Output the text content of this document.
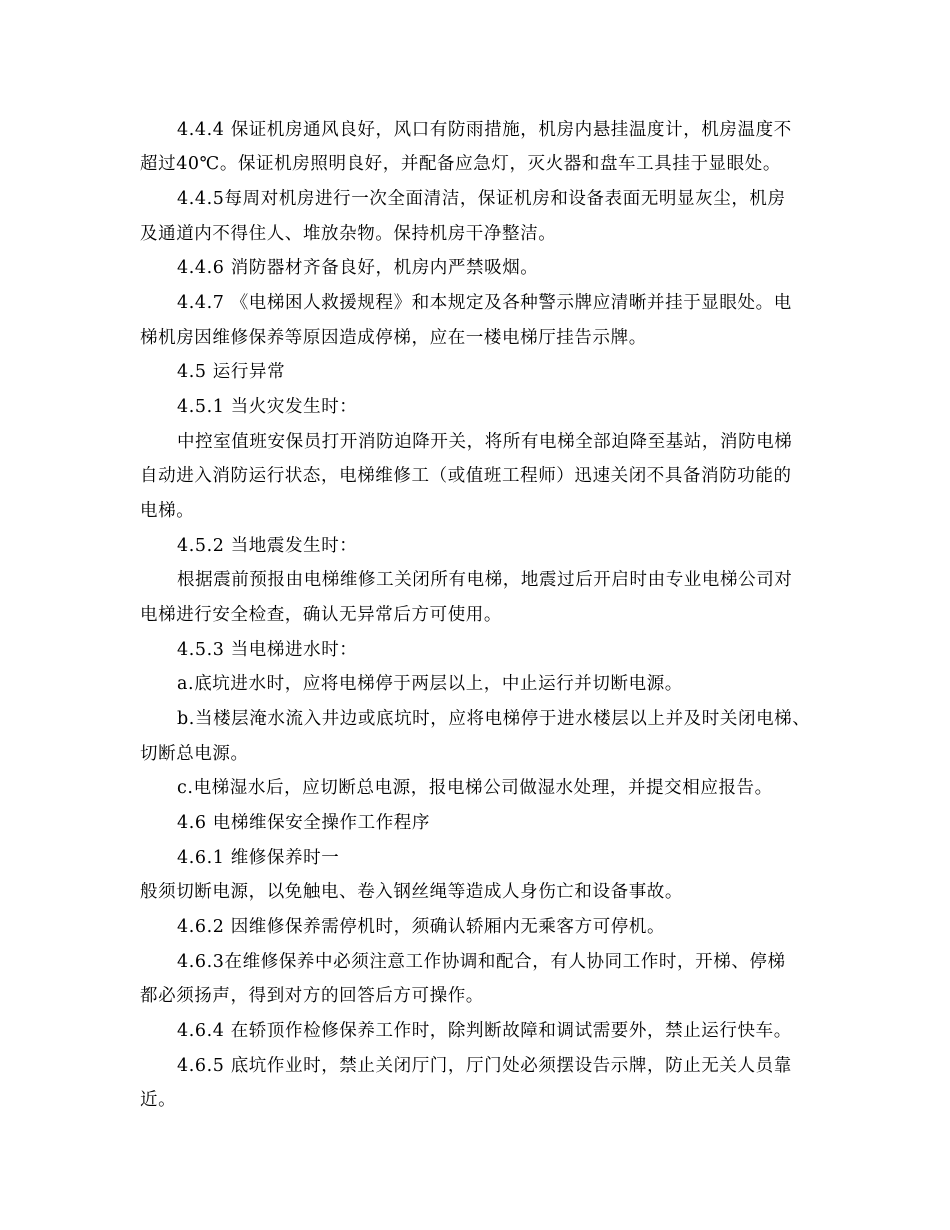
4.4.4 保证机房通风良好，风口有防雨措施，机房内悬挂温度计，机房温度不
超过40℃。保证机房照明良好，并配备应急灯，灭火器和盘车工具挂于显眼处。
4.4.5每周对机房进行一次全面清洁，保证机房和设备表面无明显灰尘，机房
及通道内不得住人、堆放杂物。保持机房干净整洁。
4.4.6 消防器材齐备良好，机房内严禁吸烟。
4.4.7 《电梯困人救援规程》和本规定及各种警示牌应清晰并挂于显眼处。电
梯机房因维修保养等原因造成停梯，应在一楼电梯厅挂告示牌。
4.5 运行异常
4.5.1 当火灾发生时：
中控室值班安保员打开消防迫降开关，将所有电梯全部迫降至基站，消防电梯
自动进入消防运行状态，电梯维修工（或值班工程师）迅速关闭不具备消防功能的
电梯。
4.5.2 当地震发生时：
根据震前预报由电梯维修工关闭所有电梯，地震过后开启时由专业电梯公司对
电梯进行安全检查，确认无异常后方可使用。
4.5.3 当电梯进水时：
a.底坑进水时，应将电梯停于两层以上，中止运行并切断电源。
b.当楼层淹水流入井边或底坑时，应将电梯停于进水楼层以上并及时关闭电梯、
切断总电源。
c.电梯湿水后，应切断总电源，报电梯公司做湿水处理，并提交相应报告。
4.6 电梯维保安全操作工作程序
4.6.1 维修保养时一
般须切断电源，以免触电、卷入钢丝绳等造成人身伤亡和设备事故。
4.6.2 因维修保养需停机时，须确认轿厢内无乘客方可停机。
4.6.3在维修保养中必须注意工作协调和配合，有人协同工作时，开梯、停梯
都必须扬声，得到对方的回答后方可操作。
4.6.4 在轿顶作检修保养工作时，除判断故障和调试需要外，禁止运行快车。
4.6.5 底坑作业时，禁止关闭厅门，厅门处必须摆设告示牌，防止无关人员靠
近。
